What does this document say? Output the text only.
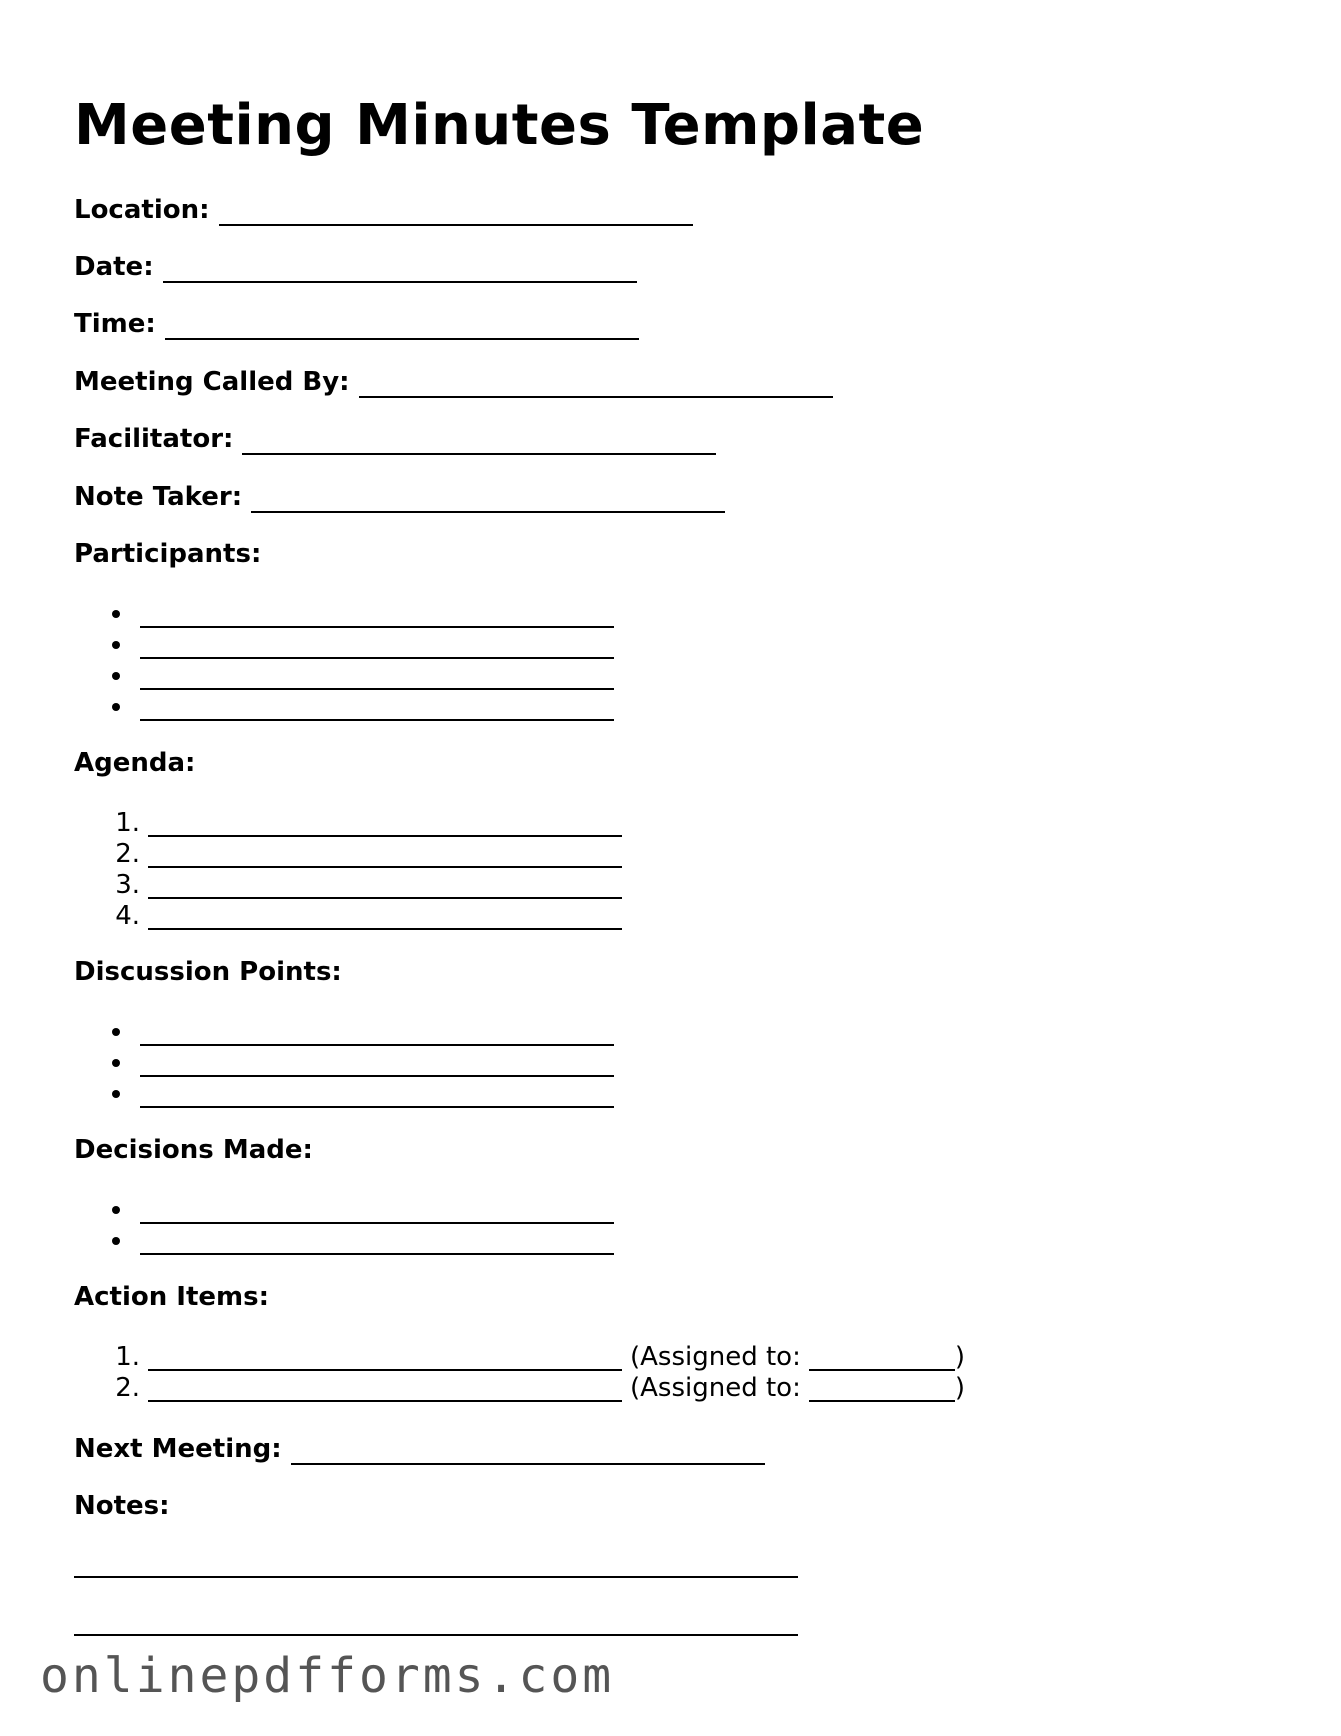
Meeting Minutes Template
Location:
Date:
Time:
Meeting Called By:
Facilitator:
Note Taker:
Participants:
Agenda:
1.
2.
3.
4.
Discussion Points:
Decisions Made:
Action Items:
1.	(Assigned to:	)
2.	(Assigned to:	)
Next Meeting:
Notes:
onlinepdfforms.com
